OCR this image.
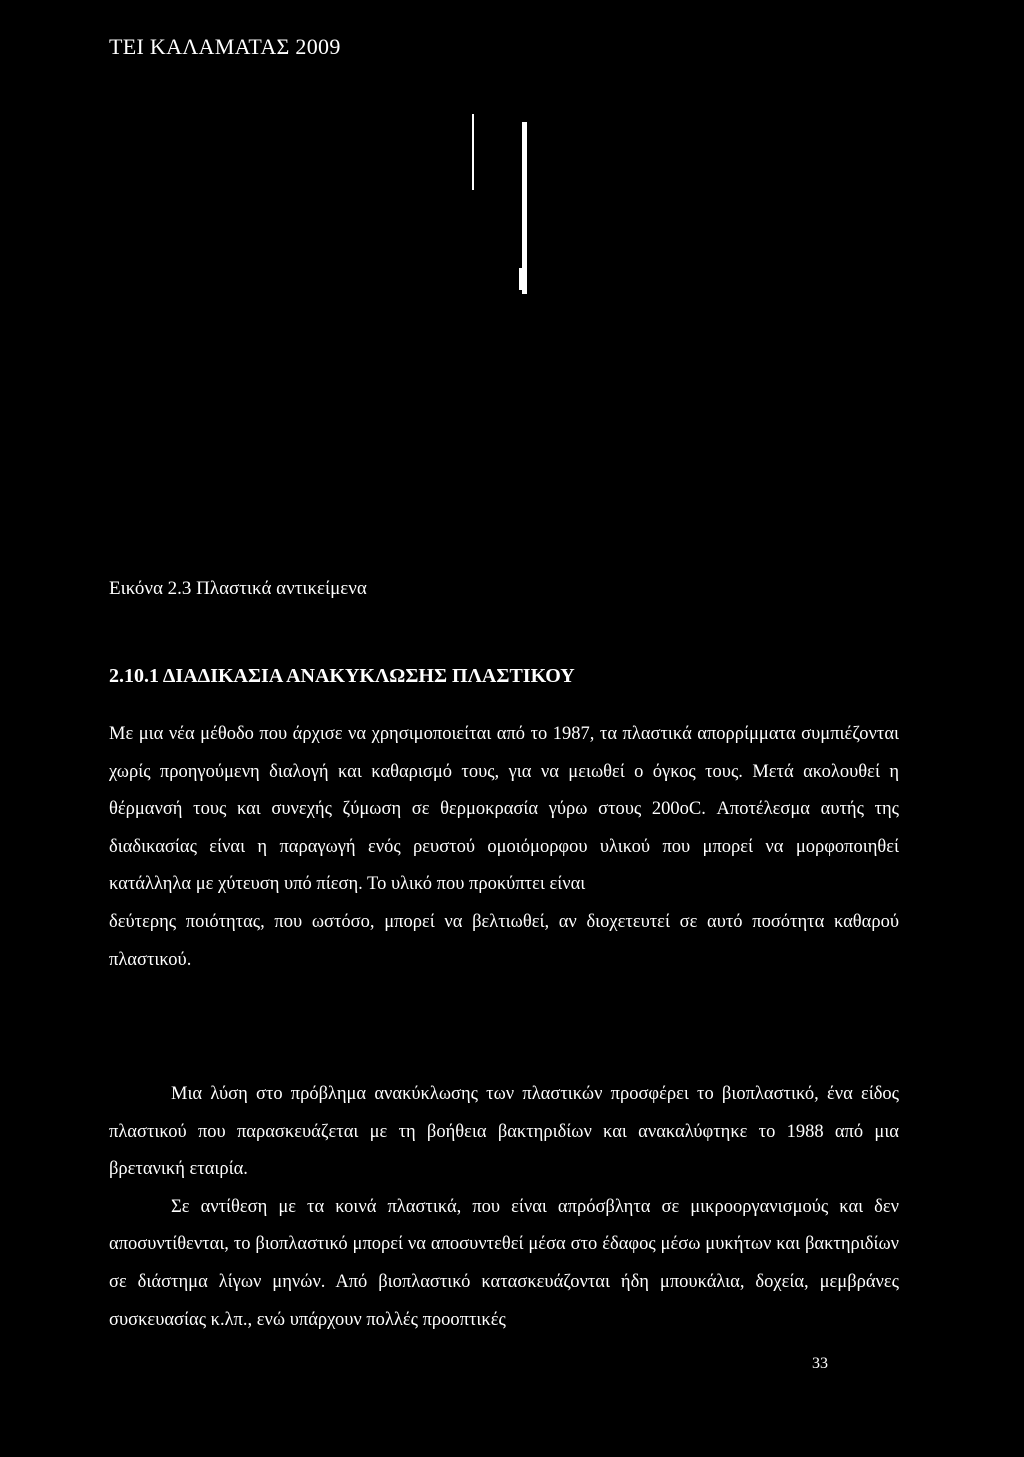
ΤΕΙ ΚΑΛΑΜΑΤΑΣ 2009
Εικόνα 2.3 Πλαστικά αντικείμενα
2.10.1 ΔΙΑΔΙΚΑΣΙΑ ΑΝΑΚΥΚΛΩΣΗΣ ΠΛΑΣΤΙΚΟΥ

Με μια νέα μέθοδο που άρχισε να χρησιμοποιείται από το 1987, τα πλαστικά απορρίμματα συμπιέζονται χωρίς προηγούμενη διαλογή και καθαρισμό τους, για να μειωθεί ο όγκος τους. Μετά ακολουθεί η θέρμανσή τους και συνεχής ζύμωση σε θερμοκρασία γύρω στους 200oC. Αποτέλεσμα αυτής της διαδικασίας είναι η παραγωγή ενός ρευστού ομοιόμορφου υλικού που μπορεί να μορφοποιηθεί κατάλληλα με χύτευση υπό πίεση. Το υλικό που προκύπτει είναι

δεύτερης ποιότητας, που ωστόσο, μπορεί να βελτιωθεί, αν διοχετευτεί σε αυτό ποσότητα καθαρού πλαστικού.

Μια λύση στο πρόβλημα ανακύκλωσης των πλαστικών προσφέρει το βιοπλαστικό, ένα είδος πλαστικού που παρασκευάζεται με τη βοήθεια βακτηριδίων και ανακαλύφτηκε το 1988 από μια βρετανική εταιρία.

Σε αντίθεση με τα κοινά πλαστικά, που είναι απρόσβλητα σε μικροοργανισμούς και δεν αποσυντίθενται, το βιοπλαστικό μπορεί να αποσυντεθεί μέσα στο έδαφος μέσω μυκήτων και βακτηριδίων σε διάστημα λίγων μηνών. Από βιοπλαστικό κατασκευάζονται ήδη μπουκάλια, δοχεία, μεμβράνες συσκευασίας κ.λπ., ενώ υπάρχουν πολλές προοπτικές

33
